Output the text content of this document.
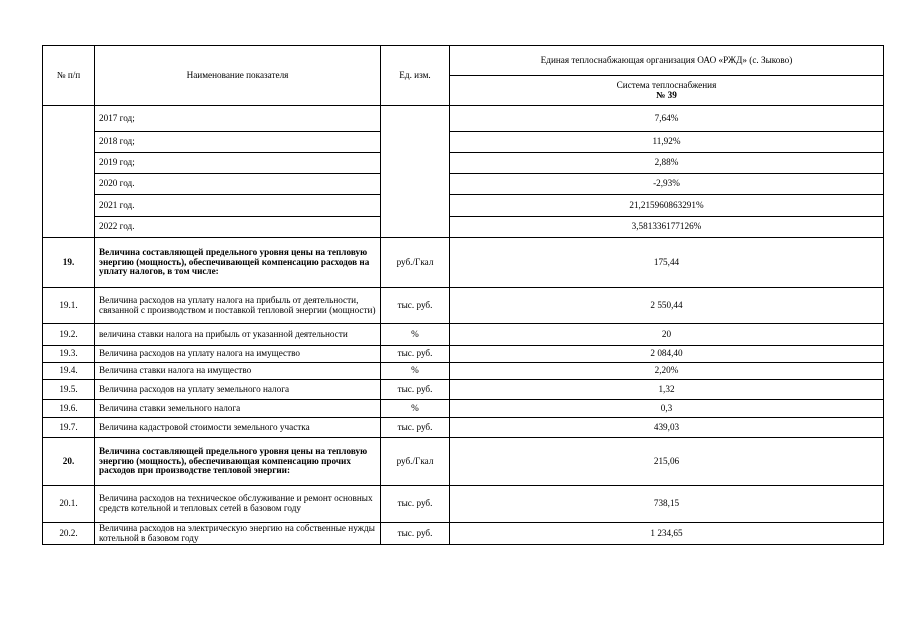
№ п/п	Наименование показателя	Ед. изм.	Единая теплоснабжающая организация ОАО «РЖД» (с. Зыково)

			Система теплоснабжения
№ 39

	2017 год;		7,64%
	2018 год;		11,92%
	2019 год;		2,88%
	2020 год.		-2,93%
	2021 год.		21,215960863291%
	2022 год.		3,581336177126%
19.	Величина составляющей предельного уровня цены на тепловую энергию (мощность), обеспечивающей компенсацию расходов на уплату налогов, в том числе:	руб./Гкал	175,44
19.1.	Величина расходов на уплату налога на прибыль от деятельности, связанной с производством и поставкой тепловой энергии (мощности)	тыс. руб.	2 550,44
19.2.	величина ставки налога на прибыль от указанной деятельности	%	20
19.3.	Величина расходов на уплату налога на имущество	тыс. руб.	2 084,40
19.4.	Величина ставки налога на имущество	%	2,20%
19.5.	Величина расходов на уплату земельного налога	тыс. руб.	1,32
19.6.	Величина ставки земельного налога	%	0,3
19.7.	Величина кадастровой стоимости земельного участка	тыс. руб.	439,03
20.	Величина составляющей предельного уровня цены на тепловую энергию (мощность), обеспечивающая компенсацию прочих расходов при производстве тепловой энергии:	руб./Гкал	215,06
20.1.	Величина расходов на техническое обслуживание и ремонт основных средств котельной и тепловых сетей в базовом году	тыс. руб.	738,15
20.2.	Величина расходов на электрическую энергию на собственные нужды котельной в базовом году	тыс. руб.	1 234,65
